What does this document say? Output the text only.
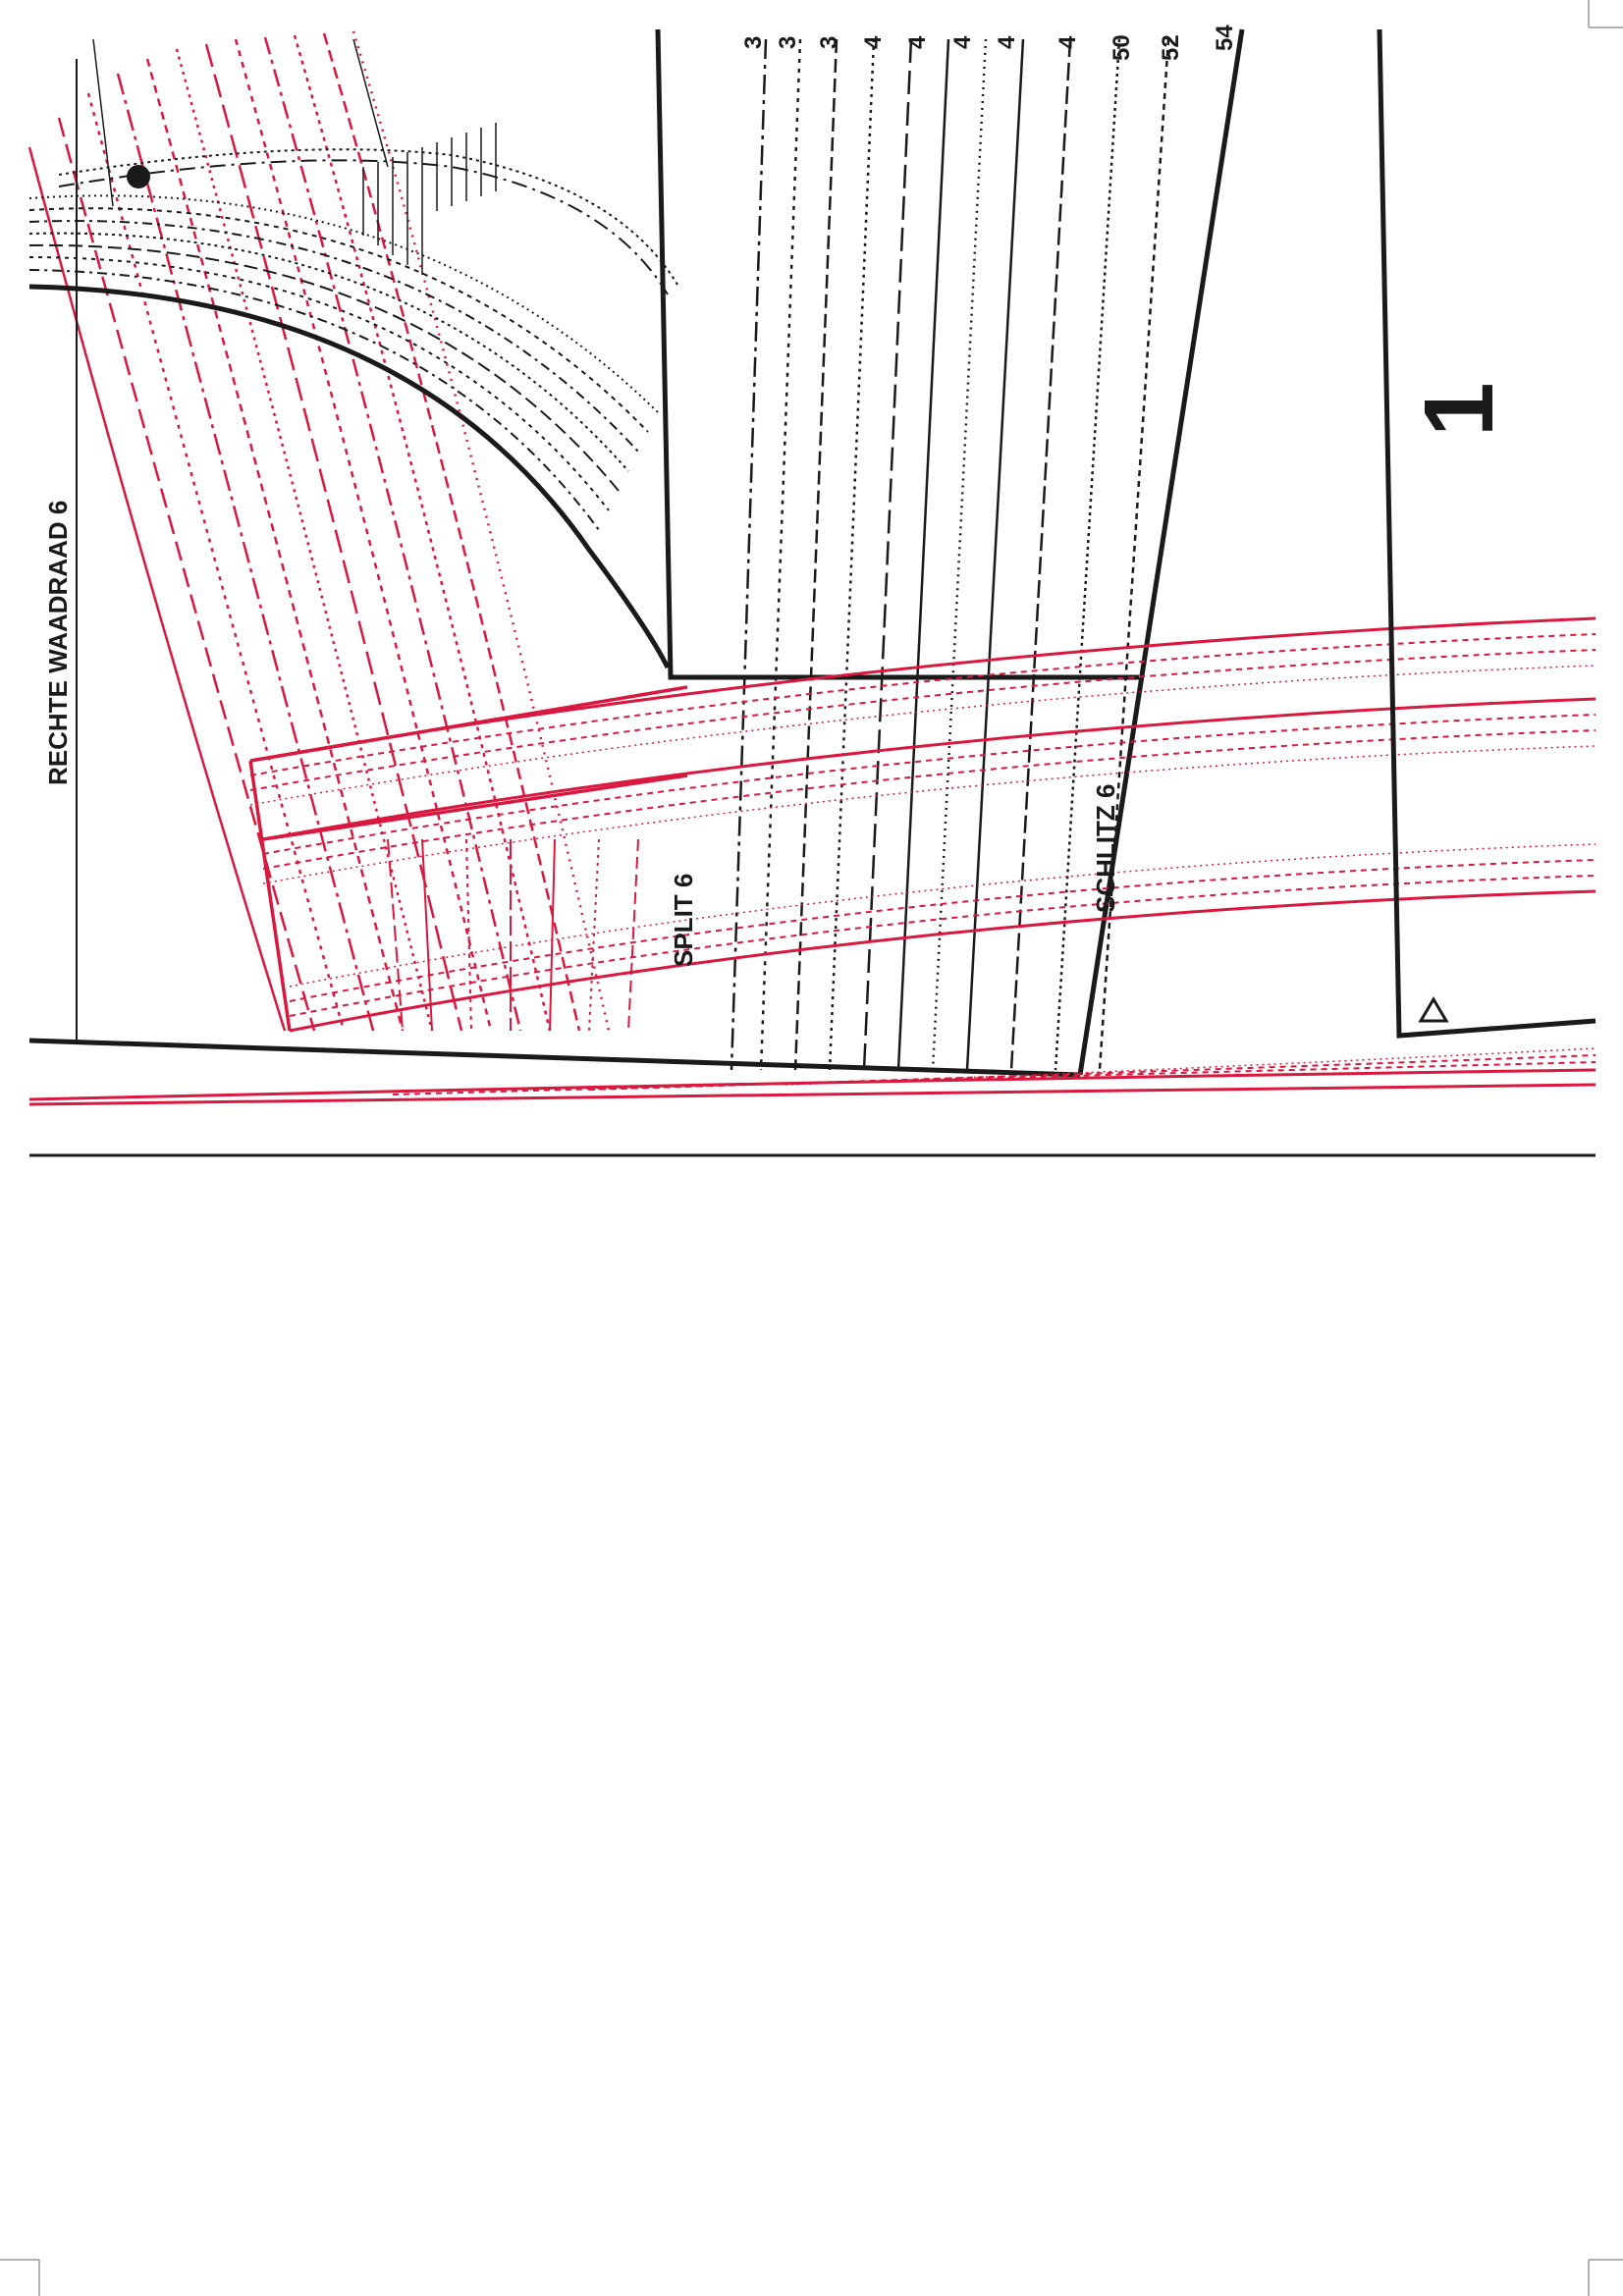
3 3 3 4 4 4 4 4 50 52 54
RECHTE WAADRAAD 6
SPLIT 6
SCHLITZ 6
1
